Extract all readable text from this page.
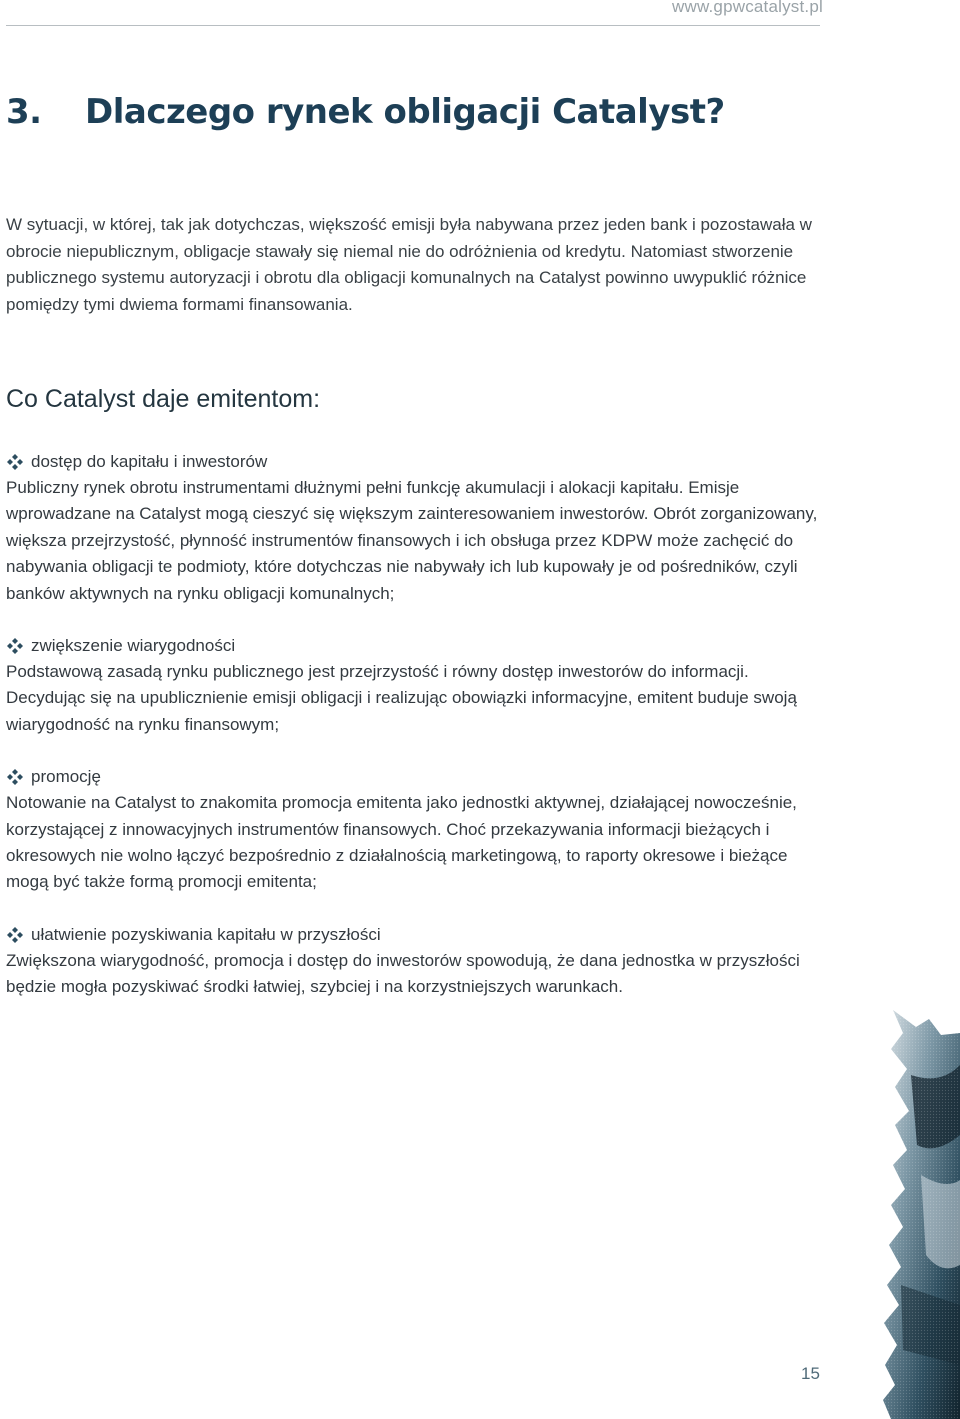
www.gpwcatalyst.pl
3. Dlaczego rynek obligacji Catalyst?

W sytuacji, w której, tak jak dotychczas, większość emisji była nabywana przez jeden bank i pozostawała w obrocie niepublicznym, obligacje stawały się niemal nie do odróżnienia od kredytu. Natomiast stworzenie publicznego systemu autoryzacji i obrotu dla obligacji komunalnych na Catalyst powinno uwypuklić różnice pomiędzy tymi dwiema formami finansowania.

Co Catalyst daje emitentom:
dostęp do kapitału i inwestorów

Publiczny rynek obrotu instrumentami dłużnymi pełni funkcję akumulacji i alokacji kapitału. Emisje wprowadzane na Catalyst mogą cieszyć się większym zainteresowaniem inwestorów. Obrót zorganizowany, większa przejrzystość, płynność instrumentów finansowych i ich obsługa przez KDPW może zachęcić do nabywania obligacji te podmioty, które dotychczas nie nabywały ich lub kupowały je od pośredników, czyli banków aktywnych na rynku obligacji komunalnych;

zwiększenie wiarygodności

Podstawową zasadą rynku publicznego jest przejrzystość i równy dostęp inwestorów do informacji. Decydując się na upublicznienie emisji obligacji i realizując obowiązki informacyjne, emitent buduje swoją wiarygodność na rynku finansowym;

promocję

Notowanie na Catalyst to znakomita promocja emitenta jako jednostki aktywnej, działającej nowocześnie, korzystającej z innowacyjnych instrumentów finansowych. Choć przekazywania informacji bieżących i okresowych nie wolno łączyć bezpośrednio z działalnością marketingową, to raporty okresowe i bieżące mogą być także formą promocji emitenta;

ułatwienie pozyskiwania kapitału w przyszłości

Zwiększona wiarygodność, promocja i dostęp do inwestorów spowodują, że dana jednostka w przyszłości będzie mogła pozyskiwać środki łatwiej, szybciej i na korzystniejszych warunkach.

15
